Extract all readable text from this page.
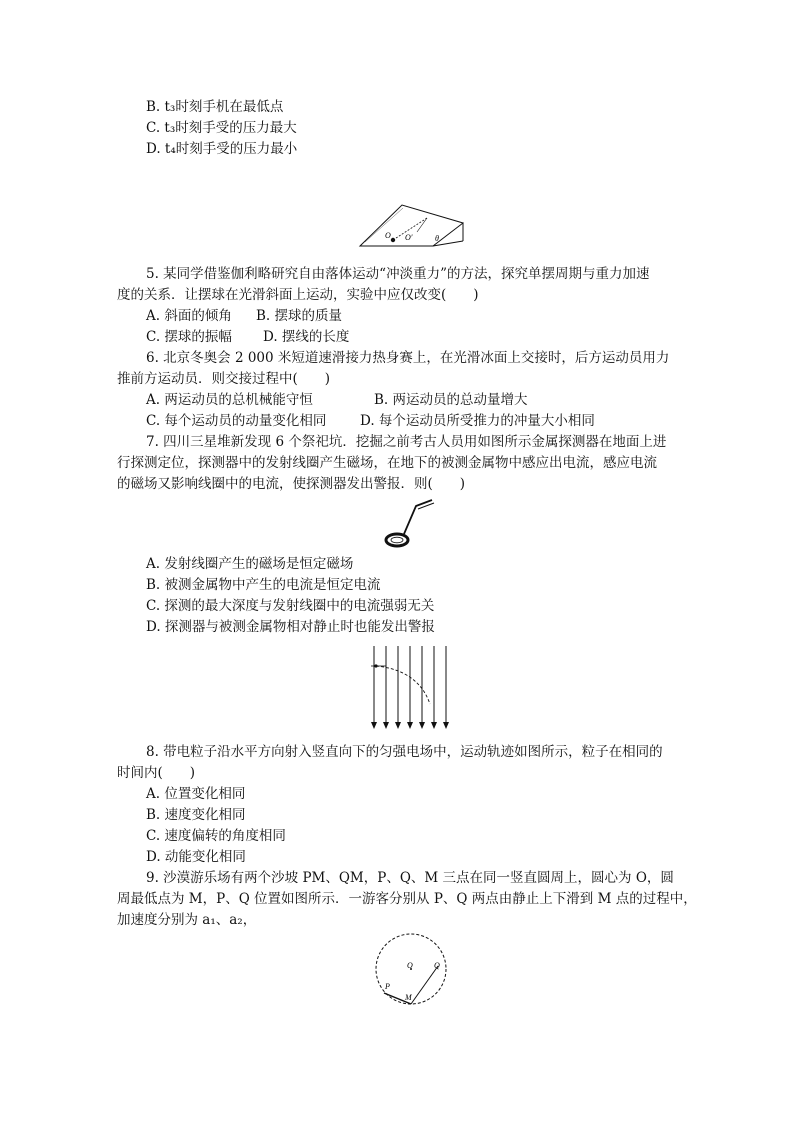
B. t₃时刻手机在最低点
C. t₃时刻手受的压力最大
D. t₄时刻手受的压力最小
O O′	θ
5. 某同学借鉴伽利略研究自由落体运动“冲淡重力”的方法，探究单摆周期与重力加速
度的关系．让摆球在光滑斜面上运动，实验中应仅改变(　　)
A. 斜面的倾角 B. 摆球的质量
C. 摆球的振幅 D. 摆线的长度
6. 北京冬奥会 2 000 米短道速滑接力热身赛上，在光滑冰面上交接时，后方运动员用力
推前方运动员．则交接过程中(　　)
A. 两运动员的总机械能守恒	B. 两运动员的总动量增大
C. 每个运动员的动量变化相同 D. 每个运动员所受推力的冲量大小相同
7. 四川三星堆新发现 6 个祭祀坑．挖掘之前考古人员用如图所示金属探测器在地面上进
行探测定位，探测器中的发射线圈产生磁场，在地下的被测金属物中感应出电流，感应电流
的磁场又影响线圈中的电流，使探测器发出警报．则(　　)
A. 发射线圈产生的磁场是恒定磁场
B. 被测金属物中产生的电流是恒定电流
C. 探测的最大深度与发射线圈中的电流强弱无关
D. 探测器与被测金属物相对静止时也能发出警报
8. 带电粒子沿水平方向射入竖直向下的匀强电场中，运动轨迹如图所示，粒子在相同的
时间内(　　)
A. 位置变化相同
B. 速度变化相同
C. 速度偏转的角度相同
D. 动能变化相同
9. 沙漠游乐场有两个沙坡 PM、QM，P、Q、M 三点在同一竖直圆周上，圆心为 O，圆
周最低点为 M，P、Q 位置如图所示．一游客分别从 P、Q 两点由静止上下滑到 M 点的过程中，
加速度分别为 a₁、a₂，
O	Q
P
M
